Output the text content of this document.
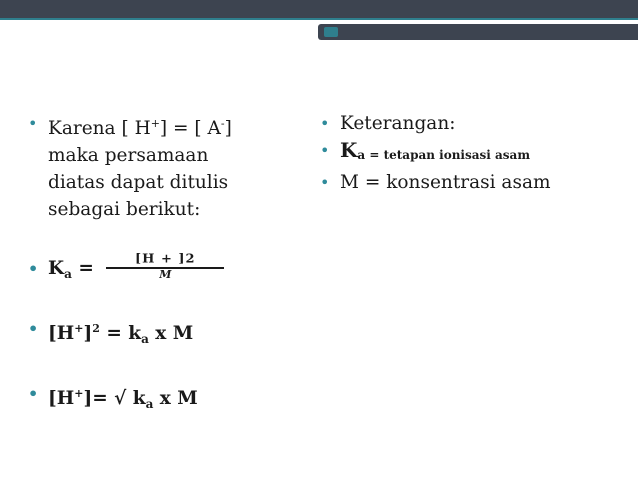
• Karena [ H+] = [ A-]
maka persamaan
diatas dapat ditulis
sebagai berikut:
• $K_a = \frac{[H + ]2}{M}$
• $[H^+]^2 = k_a$ x M
• [H+]= √ $k_a$ x M
• Keterangan:
• Ka = tetapan ionisasi asam
• M = konsentrasi asam
